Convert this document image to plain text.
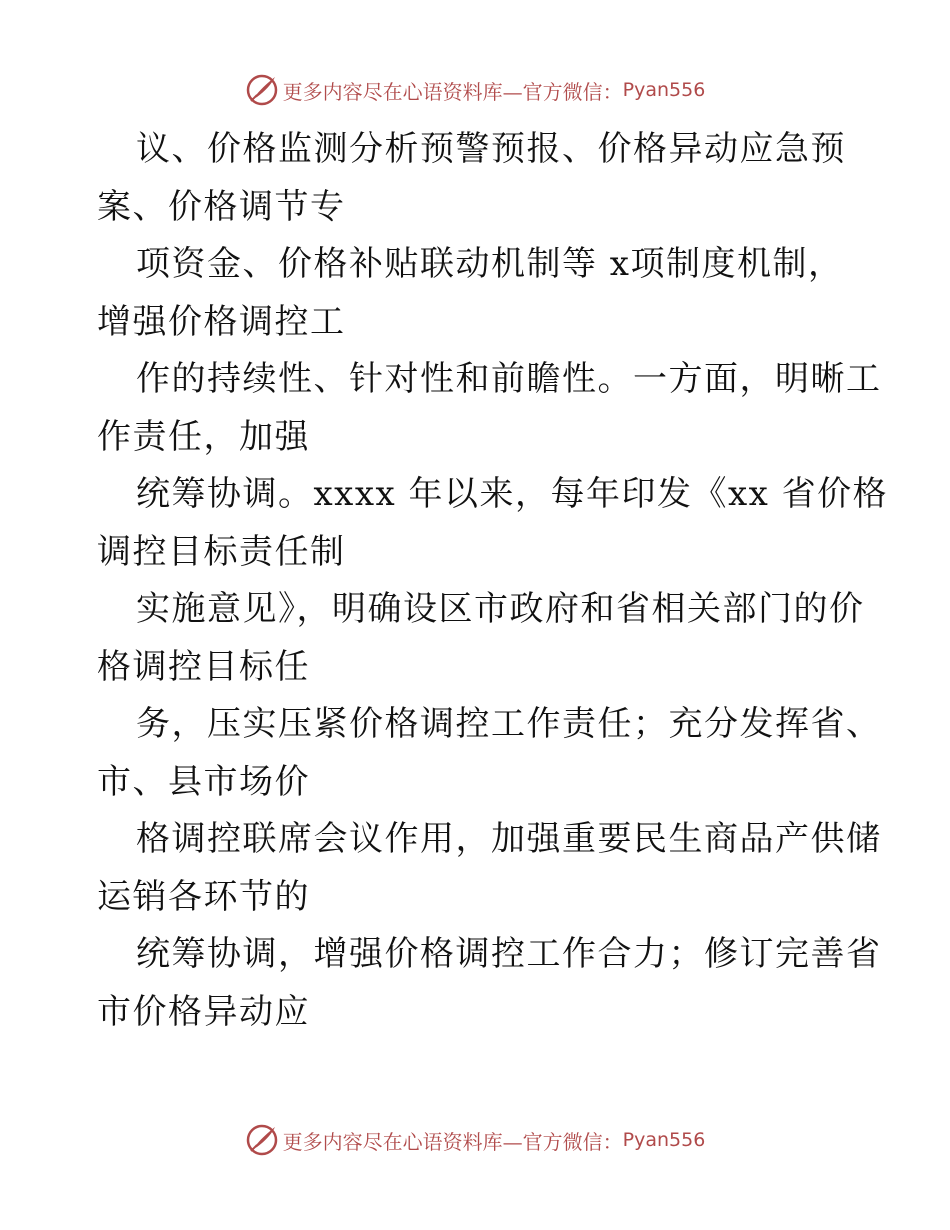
更多内容尽在心语资料库—官方微信： Pyan556
议、价格监测分析预警预报、价格异动应急预
案、价格调节专
项资金、价格补贴联动机制等 x项制度机制，
增强价格调控工
作的持续性、针对性和前瞻性。一方面，明晰工
作责任，加强
统筹协调。xxxx 年以来，每年印发《xx 省价格
调控目标责任制
实施意见》，明确设区市政府和省相关部门的价
格调控目标任
务，压实压紧价格调控工作责任；充分发挥省、
市、县市场价
格调控联席会议作用，加强重要民生商品产供储
运销各环节的
统筹协调，增强价格调控工作合力；修订完善省
市价格异动应
更多内容尽在心语资料库—官方微信： Pyan556
